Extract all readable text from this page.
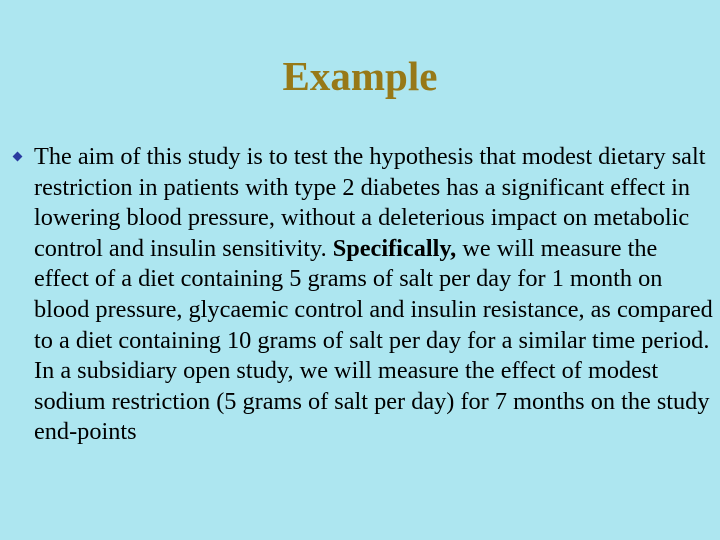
Example

The aim of this study is to test the hypothesis that modest dietary salt restriction in patients with type 2 diabetes has a significant effect in lowering blood pressure, without a deleterious impact on metabolic control and insulin sensitivity. Specifically, we will measure the effect of a diet containing 5 grams of salt per day for 1 month on blood pressure, glycaemic control and insulin resistance, as compared to a diet containing 10 grams of salt per day for a similar time period. In a subsidiary open study, we will measure the effect of modest sodium restriction (5 grams of salt per day) for 7 months on the study end-points
